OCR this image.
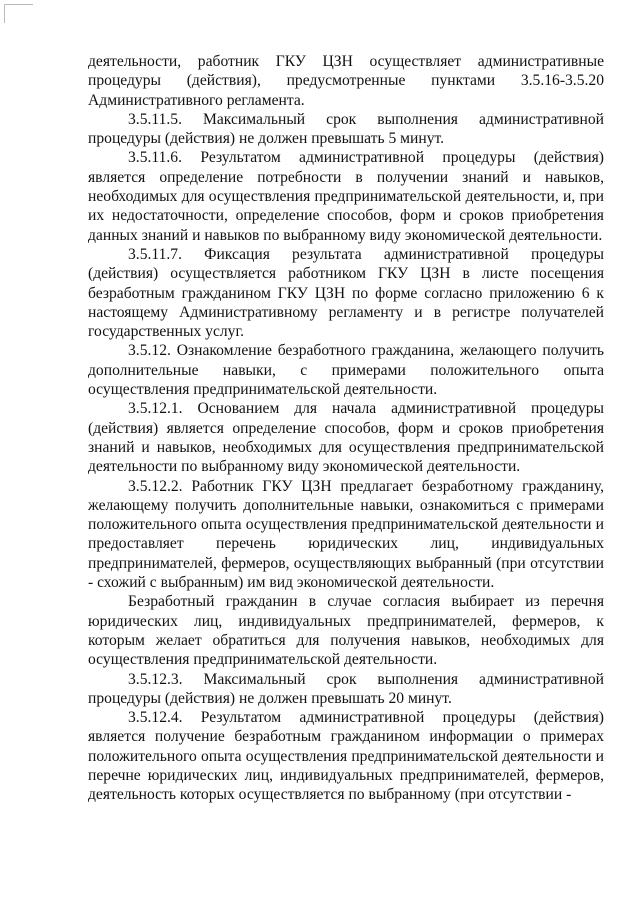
деятельности, работник ГКУ ЦЗН осуществляет административные процедуры (действия), предусмотренные пунктами 3.5.16-3.5.20 Административного регламента.

3.5.11.5. Максимальный срок выполнения административной процедуры (действия) не должен превышать 5 минут.

3.5.11.6. Результатом административной процедуры (действия) является определение потребности в получении знаний и навыков, необходимых для осуществления предпринимательской деятельности, и, при их недостаточности, определение способов, форм и сроков приобретения данных знаний и навыков по выбранному виду экономической деятельности.

3.5.11.7. Фиксация результата административной процедуры (действия) осуществляется работником ГКУ ЦЗН в листе посещения безработным гражданином ГКУ ЦЗН по форме согласно приложению 6 к настоящему Административному регламенту и в регистре получателей государственных услуг.

3.5.12. Ознакомление безработного гражданина, желающего получить дополнительные навыки, с примерами положительного опыта осуществления предпринимательской деятельности.

3.5.12.1. Основанием для начала административной процедуры (действия) является определение способов, форм и сроков приобретения знаний и навыков, необходимых для осуществления предпринимательской деятельности по выбранному виду экономической деятельности.

3.5.12.2. Работник ГКУ ЦЗН предлагает безработному гражданину, желающему получить дополнительные навыки, ознакомиться с примерами положительного опыта осуществления предпринимательской деятельности и предоставляет перечень юридических лиц, индивидуальных предпринимателей, фермеров, осуществляющих выбранный (при отсутствии - схожий с выбранным) им вид экономической деятельности.

Безработный гражданин в случае согласия выбирает из перечня юридических лиц, индивидуальных предпринимателей, фермеров, к которым желает обратиться для получения навыков, необходимых для осуществления предпринимательской деятельности.

3.5.12.3. Максимальный срок выполнения административной процедуры (действия) не должен превышать 20 минут.

3.5.12.4. Результатом административной процедуры (действия) является получение безработным гражданином информации о примерах положительного опыта осуществления предпринимательской деятельности и перечне юридических лиц, индивидуальных предпринимателей, фермеров, деятельность которых осуществляется по выбранному (при отсутствии -
